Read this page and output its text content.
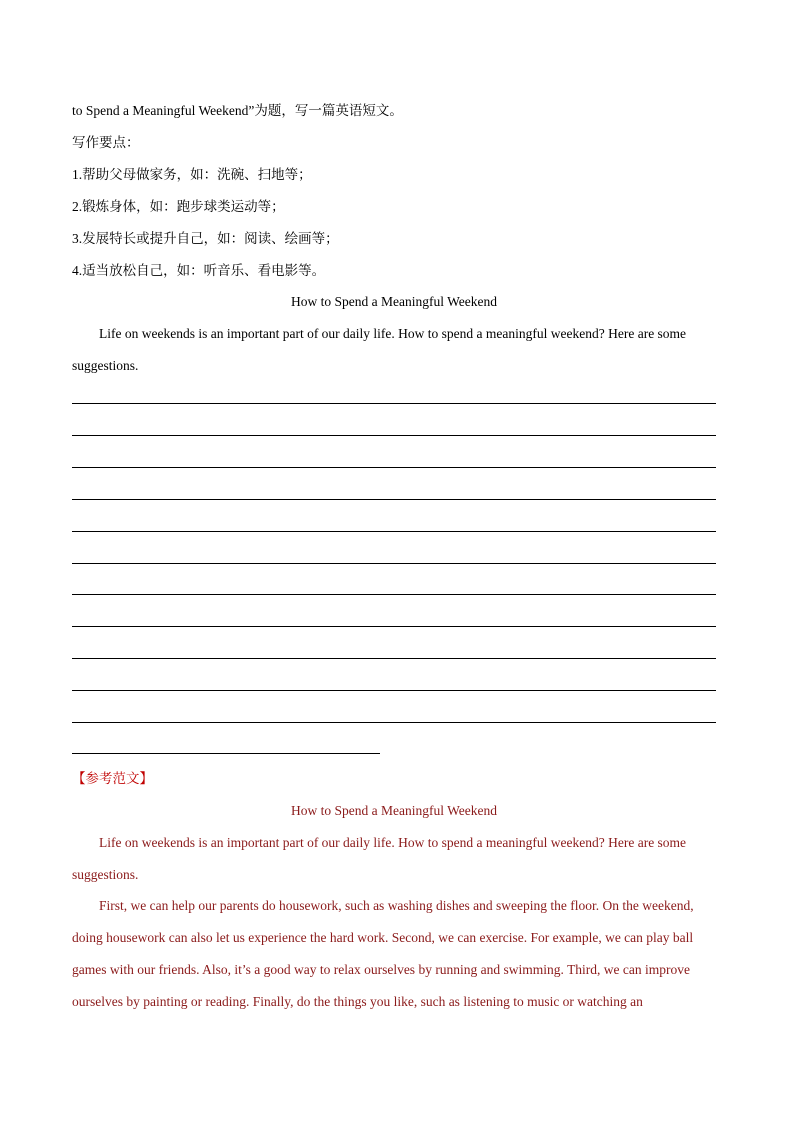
to Spend a Meaningful Weekend”为题，写一篇英语短文。
写作要点：
1.帮助父母做家务，如：洗碗、扫地等；
2.锻炼身体，如：跑步球类运动等；
3.发展特长或提升自己，如：阅读、绘画等；
4.适当放松自己，如：听音乐、看电影等。
How to Spend a Meaningful Weekend
Life on weekends is an important part of our daily life. How to spend a meaningful weekend? Here are some
suggestions.
【参考范文】
How to Spend a Meaningful Weekend
Life on weekends is an important part of our daily life. How to spend a meaningful weekend? Here are some
suggestions.
First, we can help our parents do housework, such as washing dishes and sweeping the floor. On the weekend,
doing housework can also let us experience the hard work. Second, we can exercise. For example, we can play ball
games with our friends. Also, it’s a good way to relax ourselves by running and swimming. Third, we can improve
ourselves by painting or reading. Finally, do the things you like, such as listening to music or watching an
